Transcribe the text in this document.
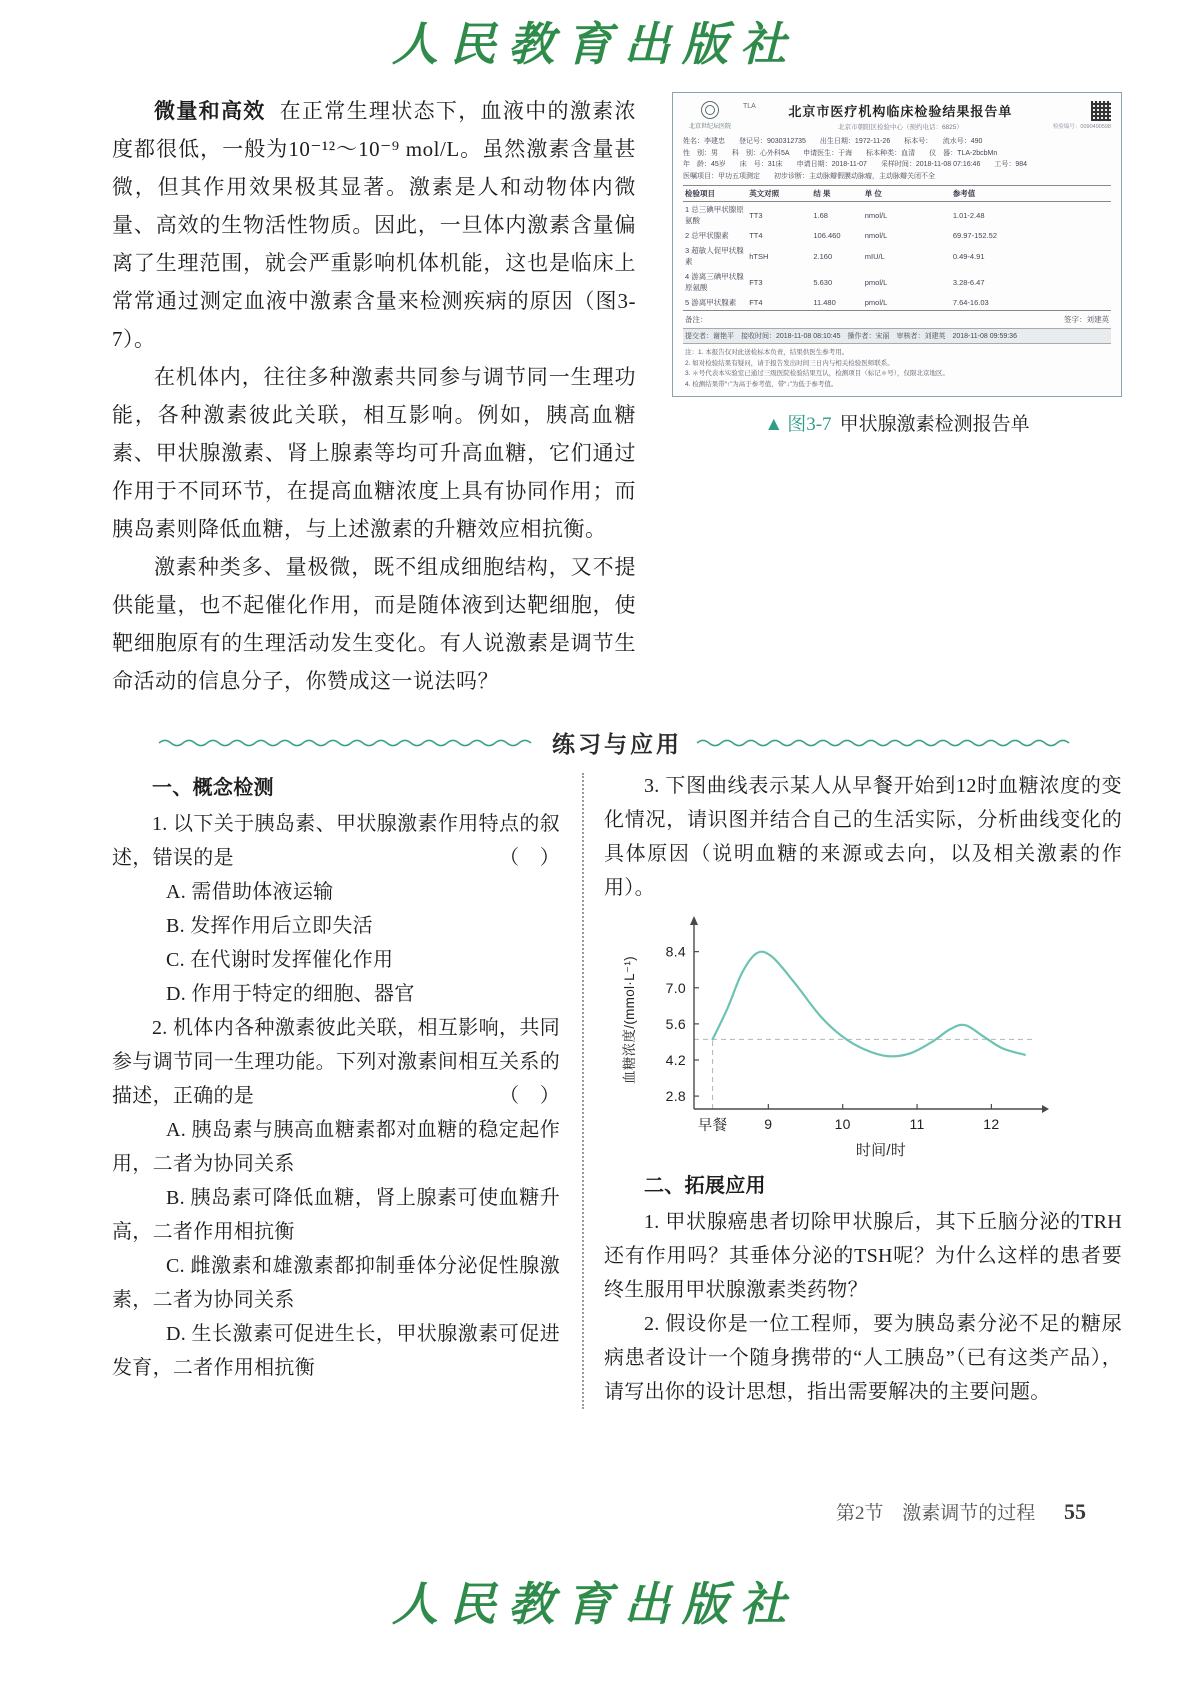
人民教育出版社

微量和高效 在正常生理状态下，血液中的激素浓度都很低，一般为10⁻¹²～10⁻⁹ mol/L。虽然激素含量甚微，但其作用效果极其显著。激素是人和动物体内微量、高效的生物活性物质。因此，一旦体内激素含量偏离了生理范围，就会严重影响机体机能，这也是临床上常常通过测定血液中激素含量来检测疾病的原因（图3-7）。

在机体内，往往多种激素共同参与调节同一生理功能，各种激素彼此关联，相互影响。例如，胰高血糖素、甲状腺激素、肾上腺素等均可升高血糖，它们通过作用于不同环节，在提高血糖浓度上具有协同作用；而胰岛素则降低血糖，与上述激素的升糖效应相抗衡。

激素种类多、量极微，既不组成细胞结构，又不提供能量，也不起催化作用，而是随体液到达靶细胞，使靶细胞原有的生理活动发生变化。有人说激素是调节生命活动的信息分子，你赞成这一说法吗？

北京世纪坛医院
TLA	北京市医疗机构临床检验结果报告单
北京市朝阳区检验中心（预约电话：6825）	检验编号：0090490598
姓名：李建忠　　登记号：9030312735　　出生日期：1972-11-26　　标本号：　　流水号：490
性　别：男　　科　别：心外科5A　　申请医生：于海　　标本种类：血清　　仪　器：TLA-2bcbMn
年　龄：45岁　　床　号：31床　　申请日期：2018-11-07　　采样时间：2018-11-08 07:16:46　　工号：984
医嘱项目：甲功五项测定　　初步诊断：主动脉瓣假膜动脉瘤，主动脉瓣关闭不全
检验项目	英文对照	结 果	单 位	参考值
1 总三碘甲状腺原氨酸	TT3	1.68	nmol/L	1.01-2.48
2 总甲状腺素	TT4	106.460	nmol/L	69.97-152.52
3 超敏人促甲状腺素	hTSH	2.160	mIU/L	0.49-4.91
4 游离三碘甲状腺原氨酸	FT3	5.630	pmol/L	3.28-6.47
5 游离甲状腺素	FT4	11.480	pmol/L	7.64-16.03
备注：	签字：刘建英
提交者：谢艳平　接收时间：2018-11-08 08:10:45　操作者：宋丽　审核者：刘建英　2018-11-08 09:59:36
注：1. 本报告仅对此送检标本负责，结果供医生参考用。
2. 如对检验结果有疑问，请于报告发出时间三日内与相关检验医师联系。
3. ＊号代表本实验室已通过三级医院检验结果互认，检测项目（标记＊号），仅限北京地区。
4. 检测结果带“↑”为高于参考值，带“↓”为低于参考值。
▲ 图3-7 甲状腺激素检测报告单
练习与应用

一、概念检测

1. 以下关于胰岛素、甲状腺激素作用特点的叙述，错误的是	（　）

A. 需借助体液运输

B. 发挥作用后立即失活

C. 在代谢时发挥催化作用

D. 作用于特定的细胞、器官

2. 机体内各种激素彼此关联，相互影响，共同参与调节同一生理功能。下列对激素间相互关系的描述，正确的是	（　）

A. 胰岛素与胰高血糖素都对血糖的稳定起作用，二者为协同关系

B. 胰岛素可降低血糖，肾上腺素可使血糖升高，二者作用相抗衡

C. 雌激素和雄激素都抑制垂体分泌促性腺激素，二者为协同关系

D. 生长激素可促进生长，甲状腺激素可促进发育，二者作用相抗衡

3. 下图曲线表示某人从早餐开始到12时血糖浓度的变化情况，请识图并结合自己的生活实际，分析曲线变化的具体原因（说明血糖的来源或去向，以及相关激素的作用）。

2.8
4.2
5.6
7.0
8.4
9	10	11	12
血糖浓度/(mmol·L⁻¹)
时间/时
早餐

二、拓展应用

1. 甲状腺癌患者切除甲状腺后，其下丘脑分泌的TRH还有作用吗？其垂体分泌的TSH呢？为什么这样的患者要终生服用甲状腺激素类药物？

2. 假设你是一位工程师，要为胰岛素分泌不足的糖尿病患者设计一个随身携带的“人工胰岛”（已有这类产品），请写出你的设计思想，指出需要解决的主要问题。

第2节 激素调节的过程 55
人民教育出版社
